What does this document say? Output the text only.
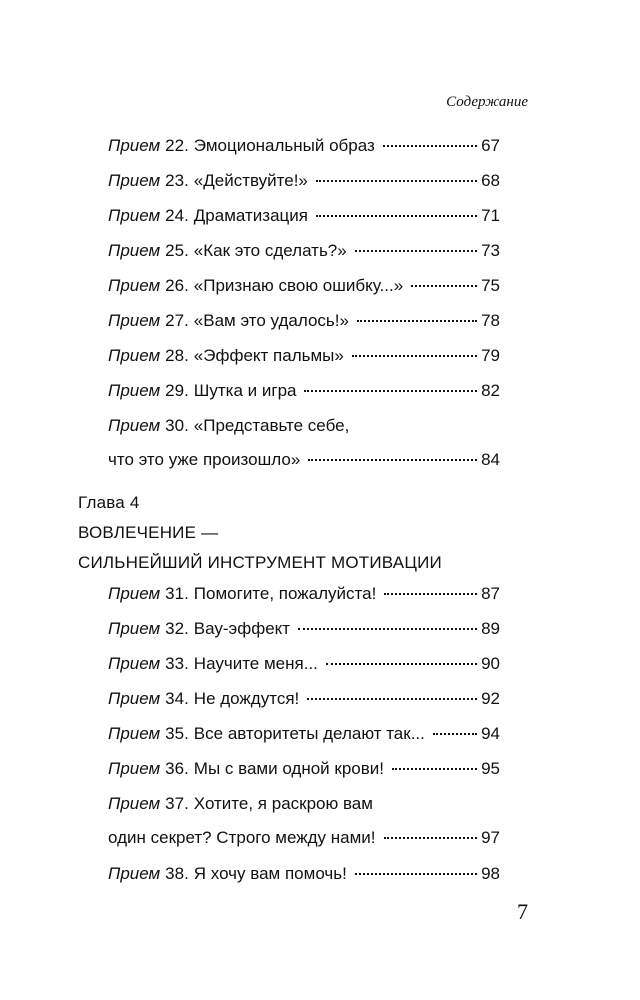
Содержание
Прием 22. Эмоциональный образ	67
Прием 23. «Действуйте!»	68
Прием 24. Драматизация	71
Прием 25. «Как это сделать?»	73
Прием 26. «Признаю свою ошибку...»	75
Прием 27. «Вам это удалось!»	78
Прием 28. «Эффект пальмы»	79
Прием 29. Шутка и игра	82
Прием 30. «Представьте себе,
что это уже произошло»	84
Глава 4
ВОВЛЕЧЕНИЕ —
СИЛЬНЕЙШИЙ ИНСТРУМЕНТ МОТИВАЦИИ
Прием 31. Помогите, пожалуйста!	87
Прием 32. Вау-эффект	89
Прием 33. Научите меня...	90
Прием 34. Не дождутся!	92
Прием 35. Все авторитеты делают так...	94
Прием 36. Мы с вами одной крови!	95
Прием 37. Хотите, я раскрою вам
один секрет? Строго между нами!	97
Прием 38. Я хочу вам помочь!	98
7
